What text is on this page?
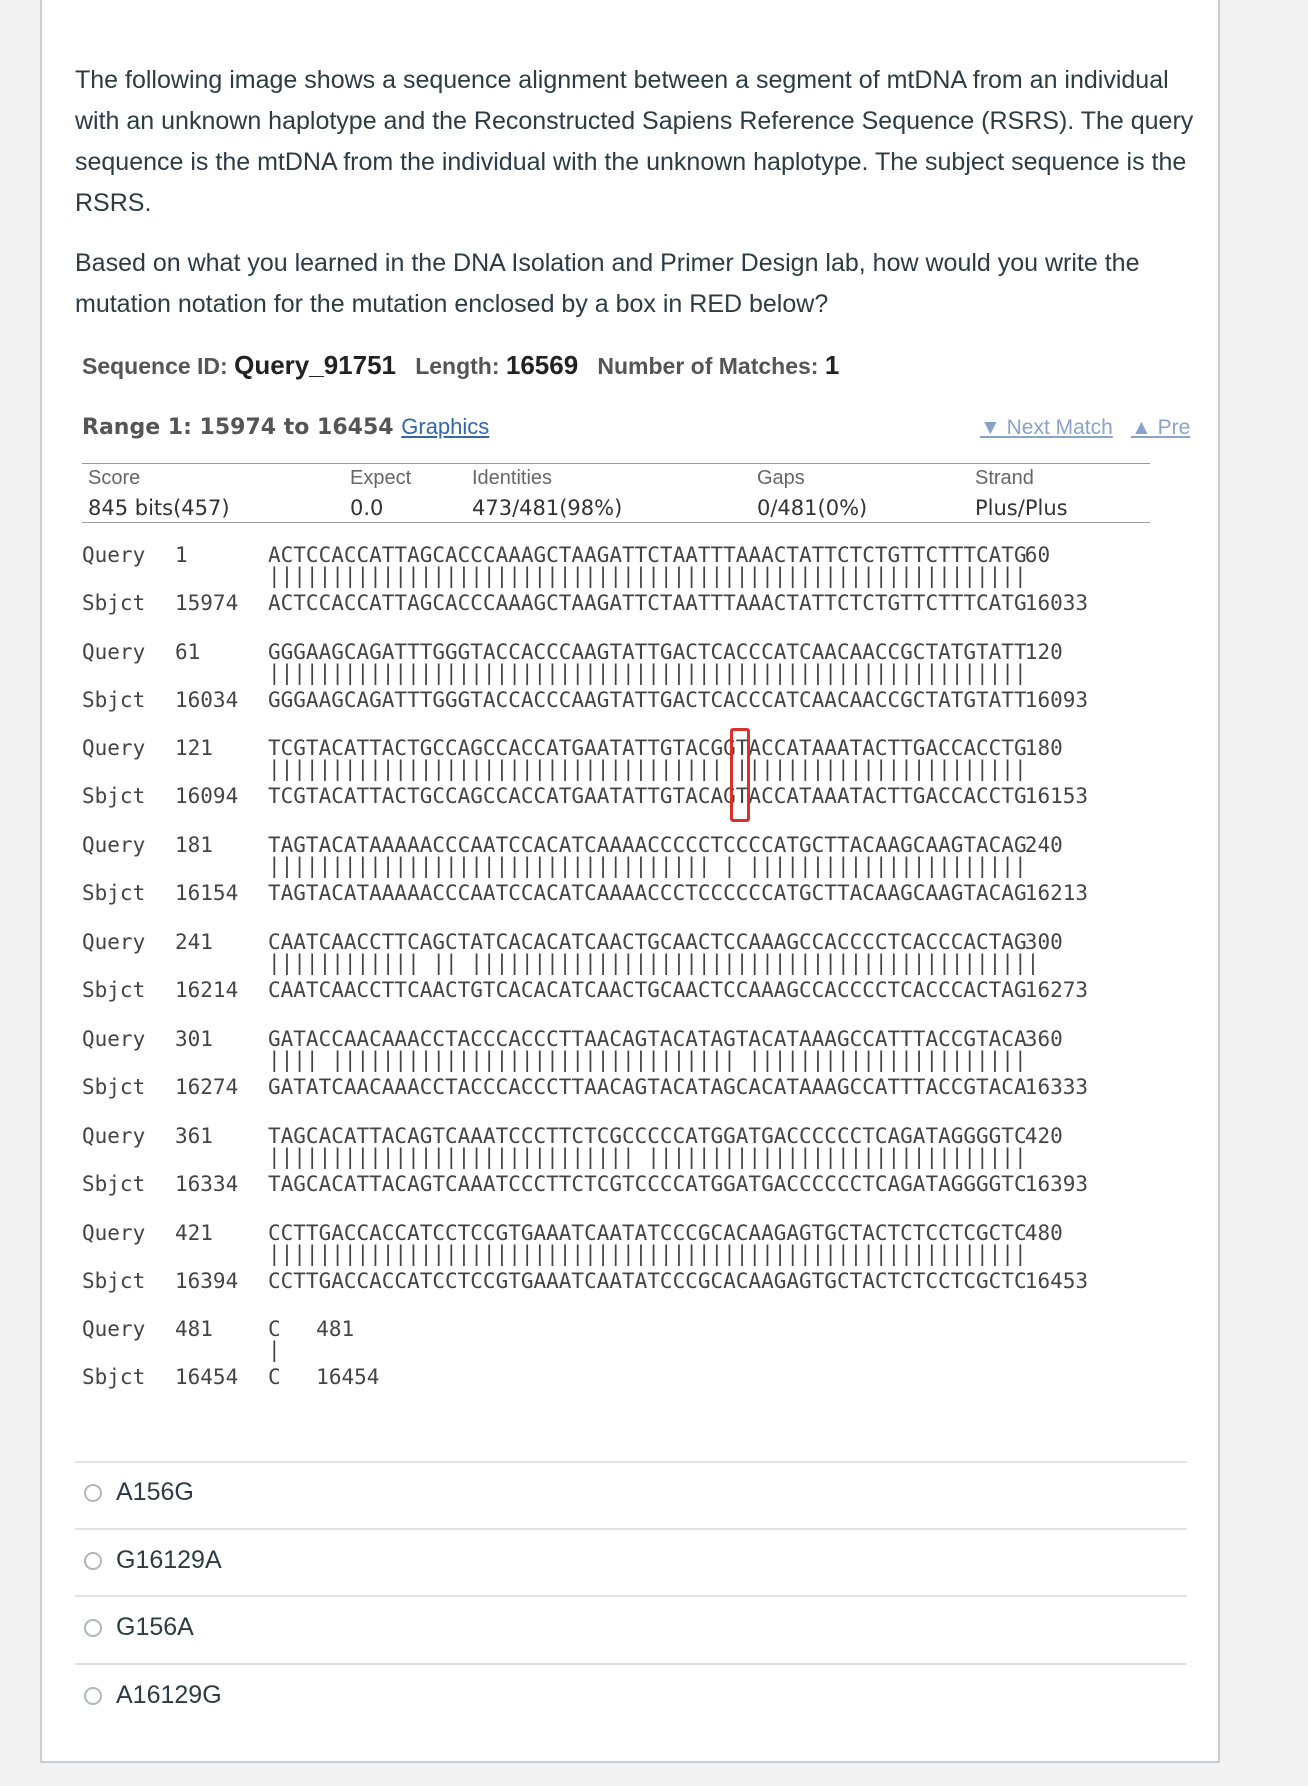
The following image shows a sequence alignment between a segment of mtDNA from an individual with an unknown haplotype and the Reconstructed Sapiens Reference Sequence (RSRS). The query sequence is the mtDNA from the individual with the unknown haplotype. The subject sequence is the RSRS.

Based on what you learned in the DNA Isolation and Primer Design lab, how would you write the mutation notation for the mutation enclosed by a box in RED below?

Sequence ID: Query_91751 Length: 16569 Number of Matches: 1
Range 1: 15974 to 16454 Graphics	▼ Next Match ▲ Pre
Score	Expect	Identities	Gaps	Strand
845 bits(457)	0.0	473/481(98%)	0/481(0%)	Plus/Plus
Query 1	ACTCCACCATTAGCACCCAAAGCTAAGATTCTAATTTAAACTATTCTCTGTTCTTTCATG
60
||||||||||||||||||||||||||||||||||||||||||||||||||||||||||||
Sbjct 15974 ACTCCACCATTAGCACCCAAAGCTAAGATTCTAATTTAAACTATTCTCTGTTCTTTCATG
16033
Query 61	GGGAAGCAGATTTGGGTACCACCCAAGTATTGACTCACCCATCAACAACCGCTATGTATT
120
||||||||||||||||||||||||||||||||||||||||||||||||||||||||||||
Sbjct 16034 GGGAAGCAGATTTGGGTACCACCCAAGTATTGACTCACCCATCAACAACCGCTATGTATT
16093
Query 121	TCGTACATTACTGCCAGCCACCATGAATATTGTACGGTACCATAAATACTTGACCACCTG
180
|||||||||||||||||||||||||||||||||||| |||||||||||||||||||||||
Sbjct 16094 TCGTACATTACTGCCAGCCACCATGAATATTGTACAGTACCATAAATACTTGACCACCTG
16153
Query 181	TAGTACATAAAAACCCAATCCACATCAAAACCCCCTCCCCATGCTTACAAGCAAGTACAG
240
||||||||||||||||||||||||||||||||||| | ||||||||||||||||||||||
Sbjct 16154 TAGTACATAAAAACCCAATCCACATCAAAACCCTCCCCCCATGCTTACAAGCAAGTACAG
16213
Query 241	CAATCAACCTTCAGCTATCACACATCAACTGCAACTCCAAAGCCACCCCTCACCCACTAG
300
|||||||||||| || |||||||||||||||||||||||||||||||||||||||||||||
Sbjct 16214 CAATCAACCTTCAACTGTCACACATCAACTGCAACTCCAAAGCCACCCCTCACCCACTAG
16273
Query 301	GATACCAACAAACCTACCCACCCTTAACAGTACATAGTACATAAAGCCATTTACCGTACA
360
|||| |||||||||||||||||||||||||||||||| ||||||||||||||||||||||
Sbjct 16274 GATATCAACAAACCTACCCACCCTTAACAGTACATAGCACATAAAGCCATTTACCGTACA
16333
Query 361	TAGCACATTACAGTCAAATCCCTTCTCGCCCCCATGGATGACCCCCCTCAGATAGGGGTC
420
||||||||||||||||||||||||||||| ||||||||||||||||||||||||||||||
Sbjct 16334 TAGCACATTACAGTCAAATCCCTTCTCGTCCCCATGGATGACCCCCCTCAGATAGGGGTC
16393
Query 421	CCTTGACCACCATCCTCCGTGAAATCAATATCCCGCACAAGAGTGCTACTCTCCTCGCTC
480
||||||||||||||||||||||||||||||||||||||||||||||||||||||||||||
Sbjct 16394 CCTTGACCACCATCCTCCGTGAAATCAATATCCCGCACAAGAGTGCTACTCTCCTCGCTC
16453
Query 481	C 481
|
Sbjct 16454 C 16454
A156G
G16129A
G156A
A16129G
